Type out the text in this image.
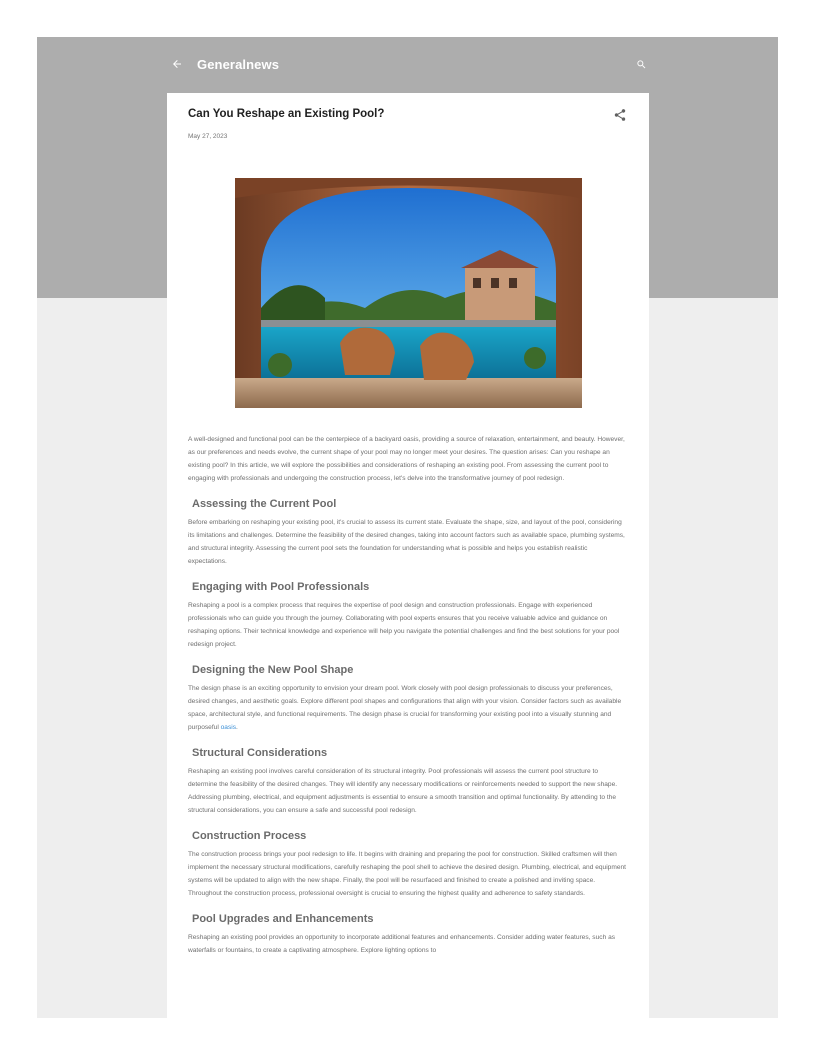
Generalnews
Can You Reshape an Existing Pool?
May 27, 2023

A well-designed and functional pool can be the centerpiece of a backyard oasis, providing a source of relaxation, entertainment, and beauty. However, as our preferences and needs evolve, the current shape of your pool may no longer meet your desires. The question arises: Can you reshape an existing pool? In this article, we will explore the possibilities and considerations of reshaping an existing pool. From assessing the current pool to engaging with professionals and undergoing the construction process, let's delve into the transformative journey of pool redesign.

Assessing the Current Pool

Before embarking on reshaping your existing pool, it's crucial to assess its current state. Evaluate the shape, size, and layout of the pool, considering its limitations and challenges. Determine the feasibility of the desired changes, taking into account factors such as available space, plumbing systems, and structural integrity. Assessing the current pool sets the foundation for understanding what is possible and helps you establish realistic expectations.

Engaging with Pool Professionals

Reshaping a pool is a complex process that requires the expertise of pool design and construction professionals. Engage with experienced professionals who can guide you through the journey. Collaborating with pool experts ensures that you receive valuable advice and guidance on reshaping options. Their technical knowledge and experience will help you navigate the potential challenges and find the best solutions for your pool redesign project.

Designing the New Pool Shape

The design phase is an exciting opportunity to envision your dream pool. Work closely with pool design professionals to discuss your preferences, desired changes, and aesthetic goals. Explore different pool shapes and configurations that align with your vision. Consider factors such as available space, architectural style, and functional requirements. The design phase is crucial for transforming your existing pool into a visually stunning and purposeful oasis.

Structural Considerations

Reshaping an existing pool involves careful consideration of its structural integrity. Pool professionals will assess the current pool structure to determine the feasibility of the desired changes. They will identify any necessary modifications or reinforcements needed to support the new shape. Addressing plumbing, electrical, and equipment adjustments is essential to ensure a smooth transition and optimal functionality. By attending to the structural considerations, you can ensure a safe and successful pool redesign.

Construction Process

The construction process brings your pool redesign to life. It begins with draining and preparing the pool for construction. Skilled craftsmen will then implement the necessary structural modifications, carefully reshaping the pool shell to achieve the desired design. Plumbing, electrical, and equipment systems will be updated to align with the new shape. Finally, the pool will be resurfaced and finished to create a polished and inviting space. Throughout the construction process, professional oversight is crucial to ensuring the highest quality and adherence to safety standards.

Pool Upgrades and Enhancements

Reshaping an existing pool provides an opportunity to incorporate additional features and enhancements. Consider adding water features, such as waterfalls or fountains, to create a captivating atmosphere. Explore lighting options to
